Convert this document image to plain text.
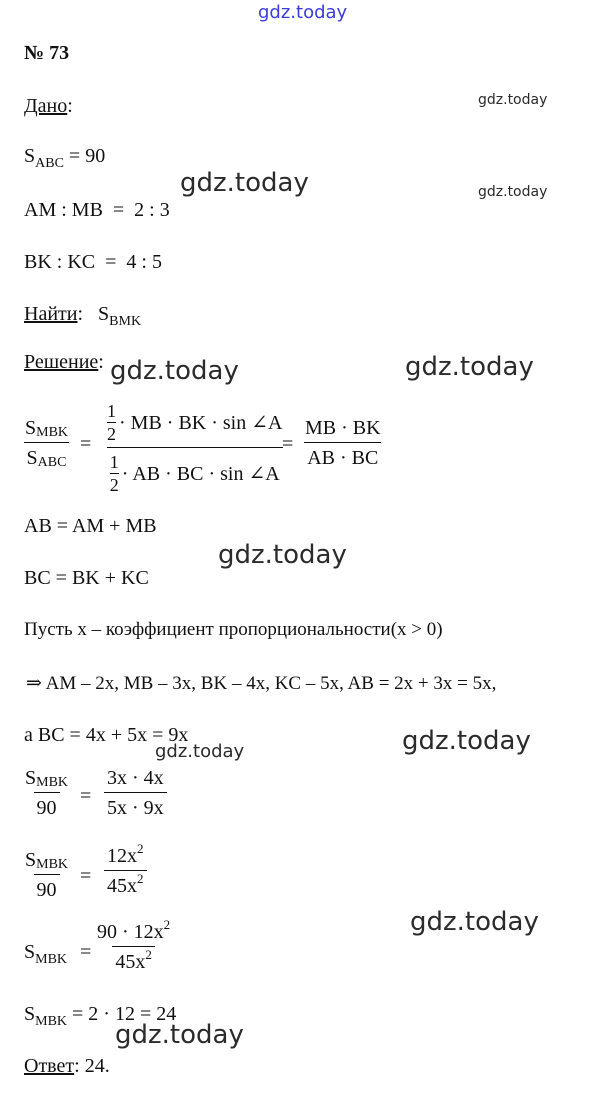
gdz.today
gdz.today
gdz.today
gdz.today
gdz.today	gdz.today
gdz.today
gdz.today	gdz.today
gdz.today
gdz.today
№ 73
Дано:
$S_{ABC} = 90$
AM : MB  =  2 : 3
BK : KC  =  4 : 5
Найти: $S_{BMK}$
Решение:
S MBK
S ABC
= $\frac{\frac{1}{2} \cdot MB \cdot BK \cdot \sin \angle A}{\frac{1}{2} \cdot AB \cdot BC \cdot \sin \angle A}$
= $\frac{MB \cdot BK}{AB \cdot BC}$
AB = AM + MB
BC = BK + KC
Пусть x – коэффициент пропорциональности(x > 0)
⇒ AM – 2x, MB – 3x, BK – 4x, KC – 5x, AB = 2x + 3x = 5x,
a BC = 4x + 5x = 9x
S MBK
90
= $\frac{3x \cdot 4x}{5x \cdot 9x}$
S MBK
90
= $\frac{12x 2}{45x 2}$
$S_{MBK} = \frac{90 \cdot 12x 2}{45x 2}$
$S_{MBK} = 2 \cdot 12 = 24$
Ответ: 24.
